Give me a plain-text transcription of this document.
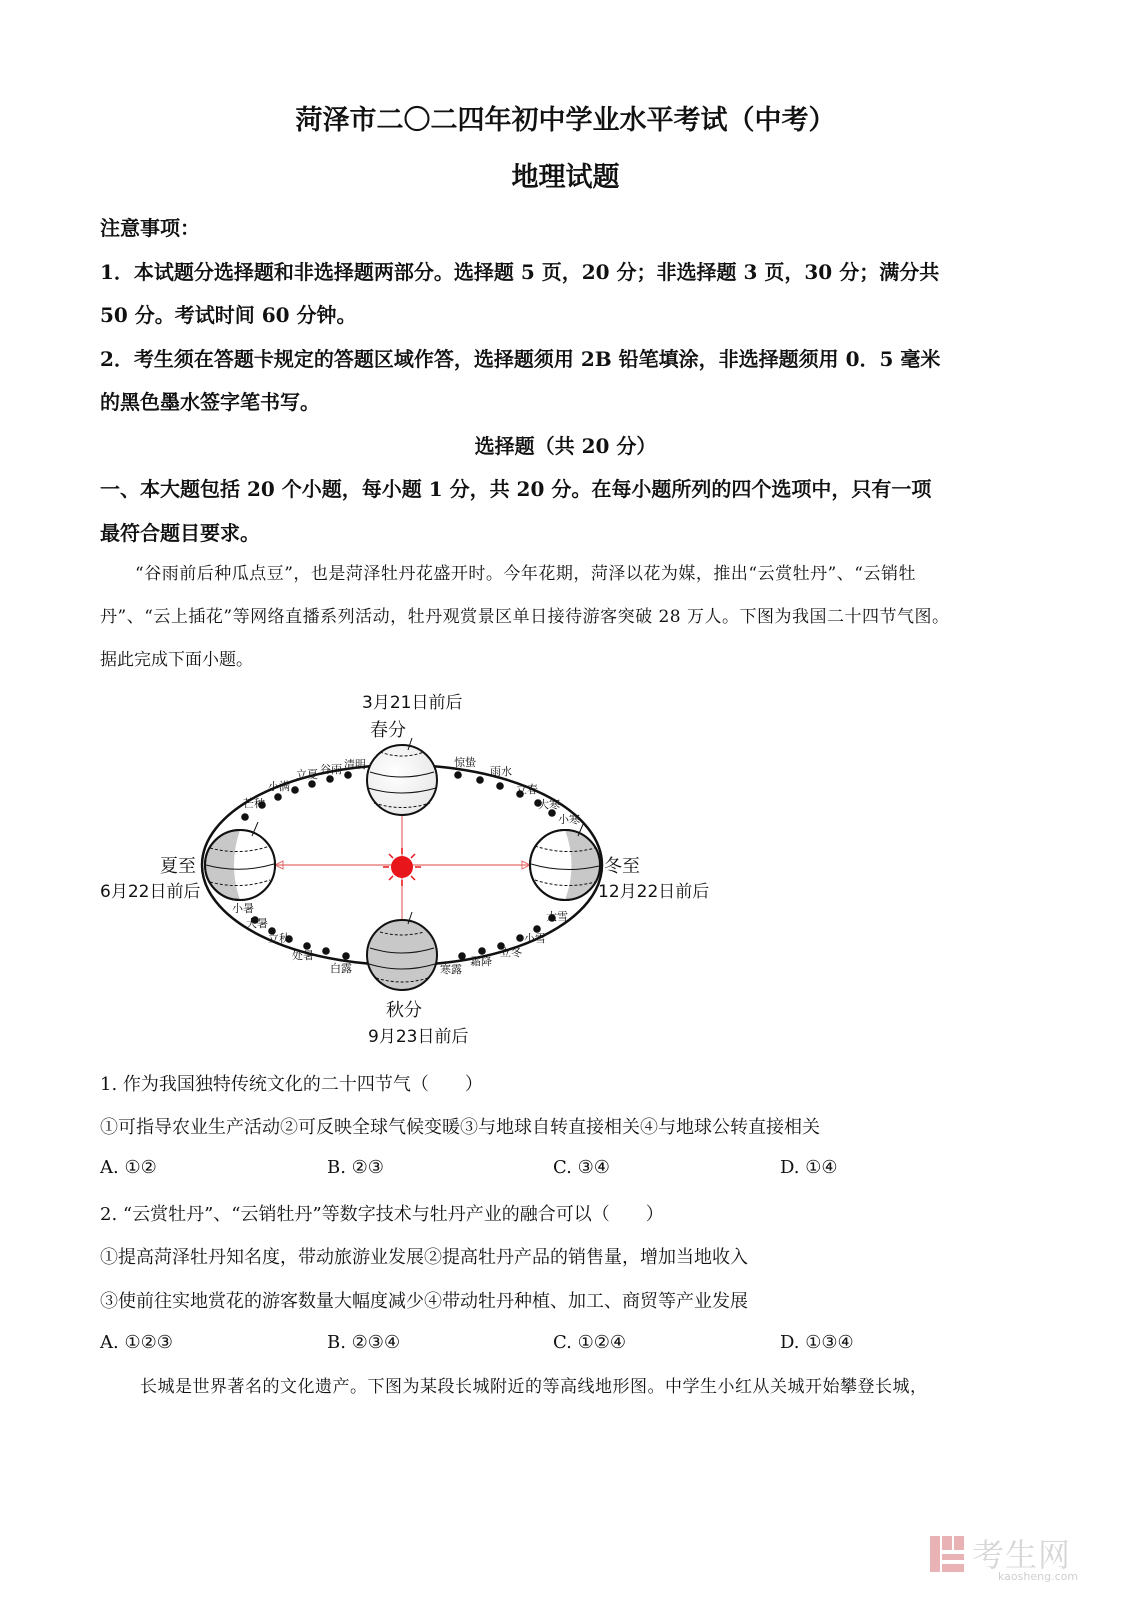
菏泽市二〇二四年初中学业水平考试（中考）
地理试题
注意事项：
1．本试题分选择题和非选择题两部分。选择题 5 页，20 分；非选择题 3 页，30 分；满分共
50 分。考试时间 60 分钟。
2．考生须在答题卡规定的答题区域作答，选择题须用 2B 铅笔填涂，非选择题须用 0．5 毫米
的黑色墨水签字笔书写。
选择题（共 20 分）
一、本大题包括 20 个小题，每小题 1 分，共 20 分。在每小题所列的四个选项中，只有一项
最符合题目要求。
“谷雨前后种瓜点豆”，也是菏泽牡丹花盛开时。今年花期，菏泽以花为媒，推出“云赏牡丹”、“云销牡
丹”、“云上插花”等网络直播系列活动，牡丹观赏景区单日接待游客突破 28 万人。下图为我国二十四节气图。
据此完成下面小题。
3月21日前后
春分
夏至
6月22日前后
冬至
12月22日前后
秋分
9月23日前后
小满
立夏 谷雨 清明
芒种
惊蛰
雨水
立春
大寒
小寒
小暑
大暑
立秋
处暑
白露	寒露
霜降
立冬
小雪
大雪
1. 作为我国独特传统文化的二十四节气（　　）
①可指导农业生产活动②可反映全球气候变暖③与地球自转直接相关④与地球公转直接相关
A. ①②	B. ②③	C. ③④	D. ①④
2. “云赏牡丹”、“云销牡丹”等数字技术与牡丹产业的融合可以（　　）
①提高菏泽牡丹知名度，带动旅游业发展②提高牡丹产品的销售量，增加当地收入
③使前往实地赏花的游客数量大幅度减少④带动牡丹种植、加工、商贸等产业发展
A. ①②③	B. ②③④	C. ①②④	D. ①③④
长城是世界著名的文化遗产。下图为某段长城附近的等高线地形图。中学生小红从关城开始攀登长城，
考生网
kaosheng.com
